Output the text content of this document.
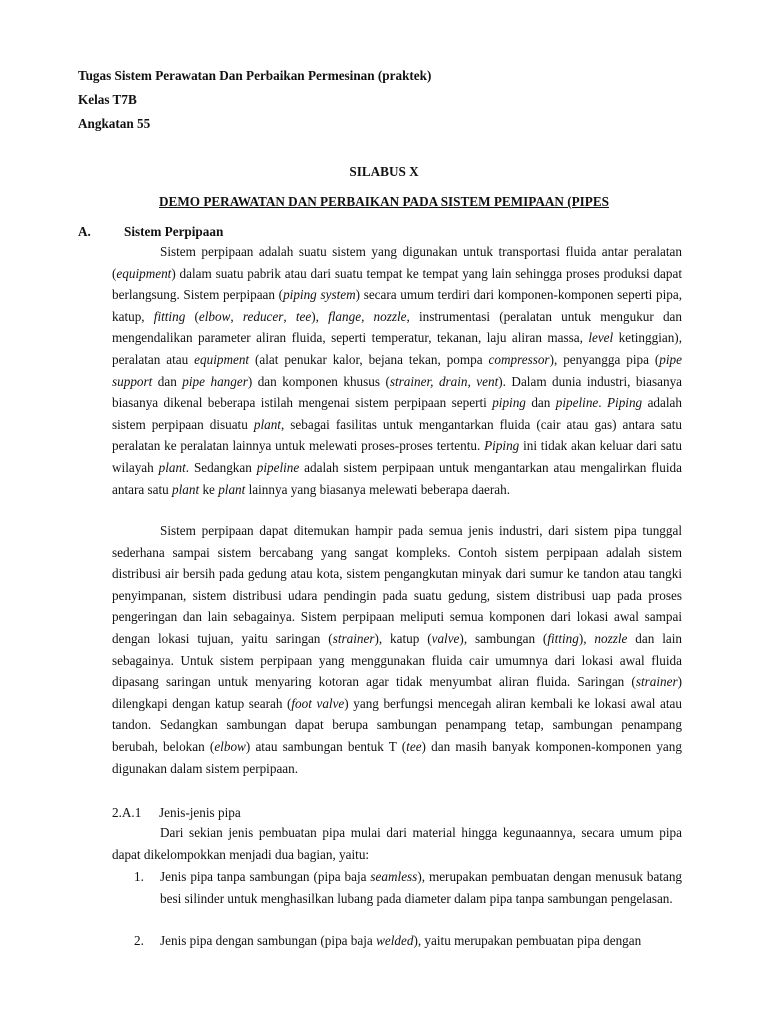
Tugas Sistem Perawatan Dan Perbaikan Permesinan (praktek)
Kelas T7B
Angkatan 55
SILABUS X
DEMO PERAWATAN DAN PERBAIKAN PADA SISTEM PEMIPAAN (PIPES
A.	Sistem Perpipaan

Sistem perpipaan adalah suatu sistem yang digunakan untuk transportasi fluida antar peralatan (equipment) dalam suatu pabrik atau dari suatu tempat ke tempat yang lain sehingga proses produksi dapat berlangsung. Sistem perpipaan (piping system) secara umum terdiri dari komponen-komponen seperti pipa, katup, fitting (elbow, reducer, tee), flange, nozzle, instrumentasi (peralatan untuk mengukur dan mengendalikan parameter aliran fluida, seperti temperatur, tekanan, laju aliran massa, level ketinggian), peralatan atau equipment (alat penukar kalor, bejana tekan, pompa compressor), penyangga pipa (pipe support dan pipe hanger) dan komponen khusus (strainer, drain, vent). Dalam dunia industri, biasanya biasanya dikenal beberapa istilah mengenai sistem perpipaan seperti piping dan pipeline. Piping adalah sistem perpipaan disuatu plant, sebagai fasilitas untuk mengantarkan fluida (cair atau gas) antara satu peralatan ke peralatan lainnya untuk melewati proses-proses tertentu. Piping ini tidak akan keluar dari satu wilayah plant. Sedangkan pipeline adalah sistem perpipaan untuk mengantarkan atau mengalirkan fluida antara satu plant ke plant lainnya yang biasanya melewati beberapa daerah.

Sistem perpipaan dapat ditemukan hampir pada semua jenis industri, dari sistem pipa tunggal sederhana sampai sistem bercabang yang sangat kompleks. Contoh sistem perpipaan adalah sistem distribusi air bersih pada gedung atau kota, sistem pengangkutan minyak dari sumur ke tandon atau tangki penyimpanan, sistem distribusi udara pendingin pada suatu gedung, sistem distribusi uap pada proses pengeringan dan lain sebagainya. Sistem perpipaan meliputi semua komponen dari lokasi awal sampai dengan lokasi tujuan, yaitu saringan (strainer), katup (valve), sambungan (fitting), nozzle dan lain sebagainya. Untuk sistem perpipaan yang menggunakan fluida cair umumnya dari lokasi awal fluida dipasang saringan untuk menyaring kotoran agar tidak menyumbat aliran fluida. Saringan (strainer) dilengkapi dengan katup searah (foot valve) yang berfungsi mencegah aliran kembali ke lokasi awal atau tandon. Sedangkan sambungan dapat berupa sambungan penampang tetap, sambungan penampang berubah, belokan (elbow) atau sambungan bentuk T (tee) dan masih banyak komponen-komponen yang digunakan dalam sistem perpipaan.

2.A.1 Jenis-jenis pipa

Dari sekian jenis pembuatan pipa mulai dari material hingga kegunaannya, secara umum pipa dapat dikelompokkan menjadi dua bagian, yaitu:

1. Jenis pipa tanpa sambungan (pipa baja seamless), merupakan pembuatan dengan menusuk batang besi silinder untuk menghasilkan lubang pada diameter dalam pipa tanpa sambungan pengelasan.
2. Jenis pipa dengan sambungan (pipa baja welded), yaitu merupakan pembuatan pipa dengan
